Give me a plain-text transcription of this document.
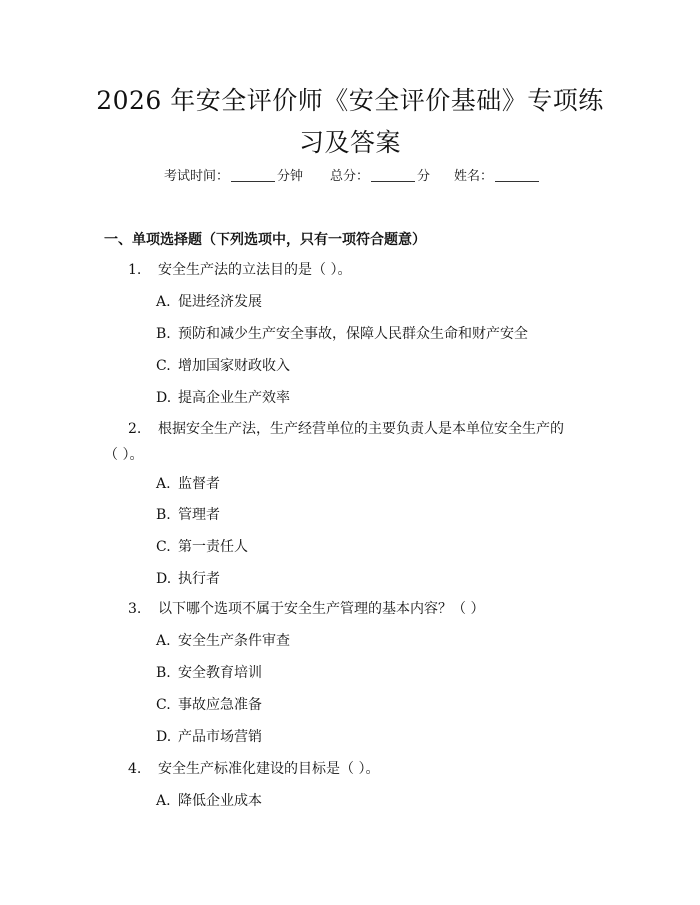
2026 年安全评价师《安全评价基础》专项练
习及答案
考试时间：	分钟 总分：	分 姓名：
一、单项选择题（下列选项中，只有一项符合题意）
1. 安全生产法的立法目的是（ ）。
A. 促进经济发展
B. 预防和减少生产安全事故，保障人民群众生命和财产安全
C. 增加国家财政收入
D. 提高企业生产效率
2. 根据安全生产法，生产经营单位的主要负责人是本单位安全生产的
（ ）。
A. 监督者
B. 管理者
C. 第一责任人
D. 执行者
3. 以下哪个选项不属于安全生产管理的基本内容？（ ）
A. 安全生产条件审查
B. 安全教育培训
C. 事故应急准备
D. 产品市场营销
4. 安全生产标准化建设的目标是（ ）。
A. 降低企业成本
